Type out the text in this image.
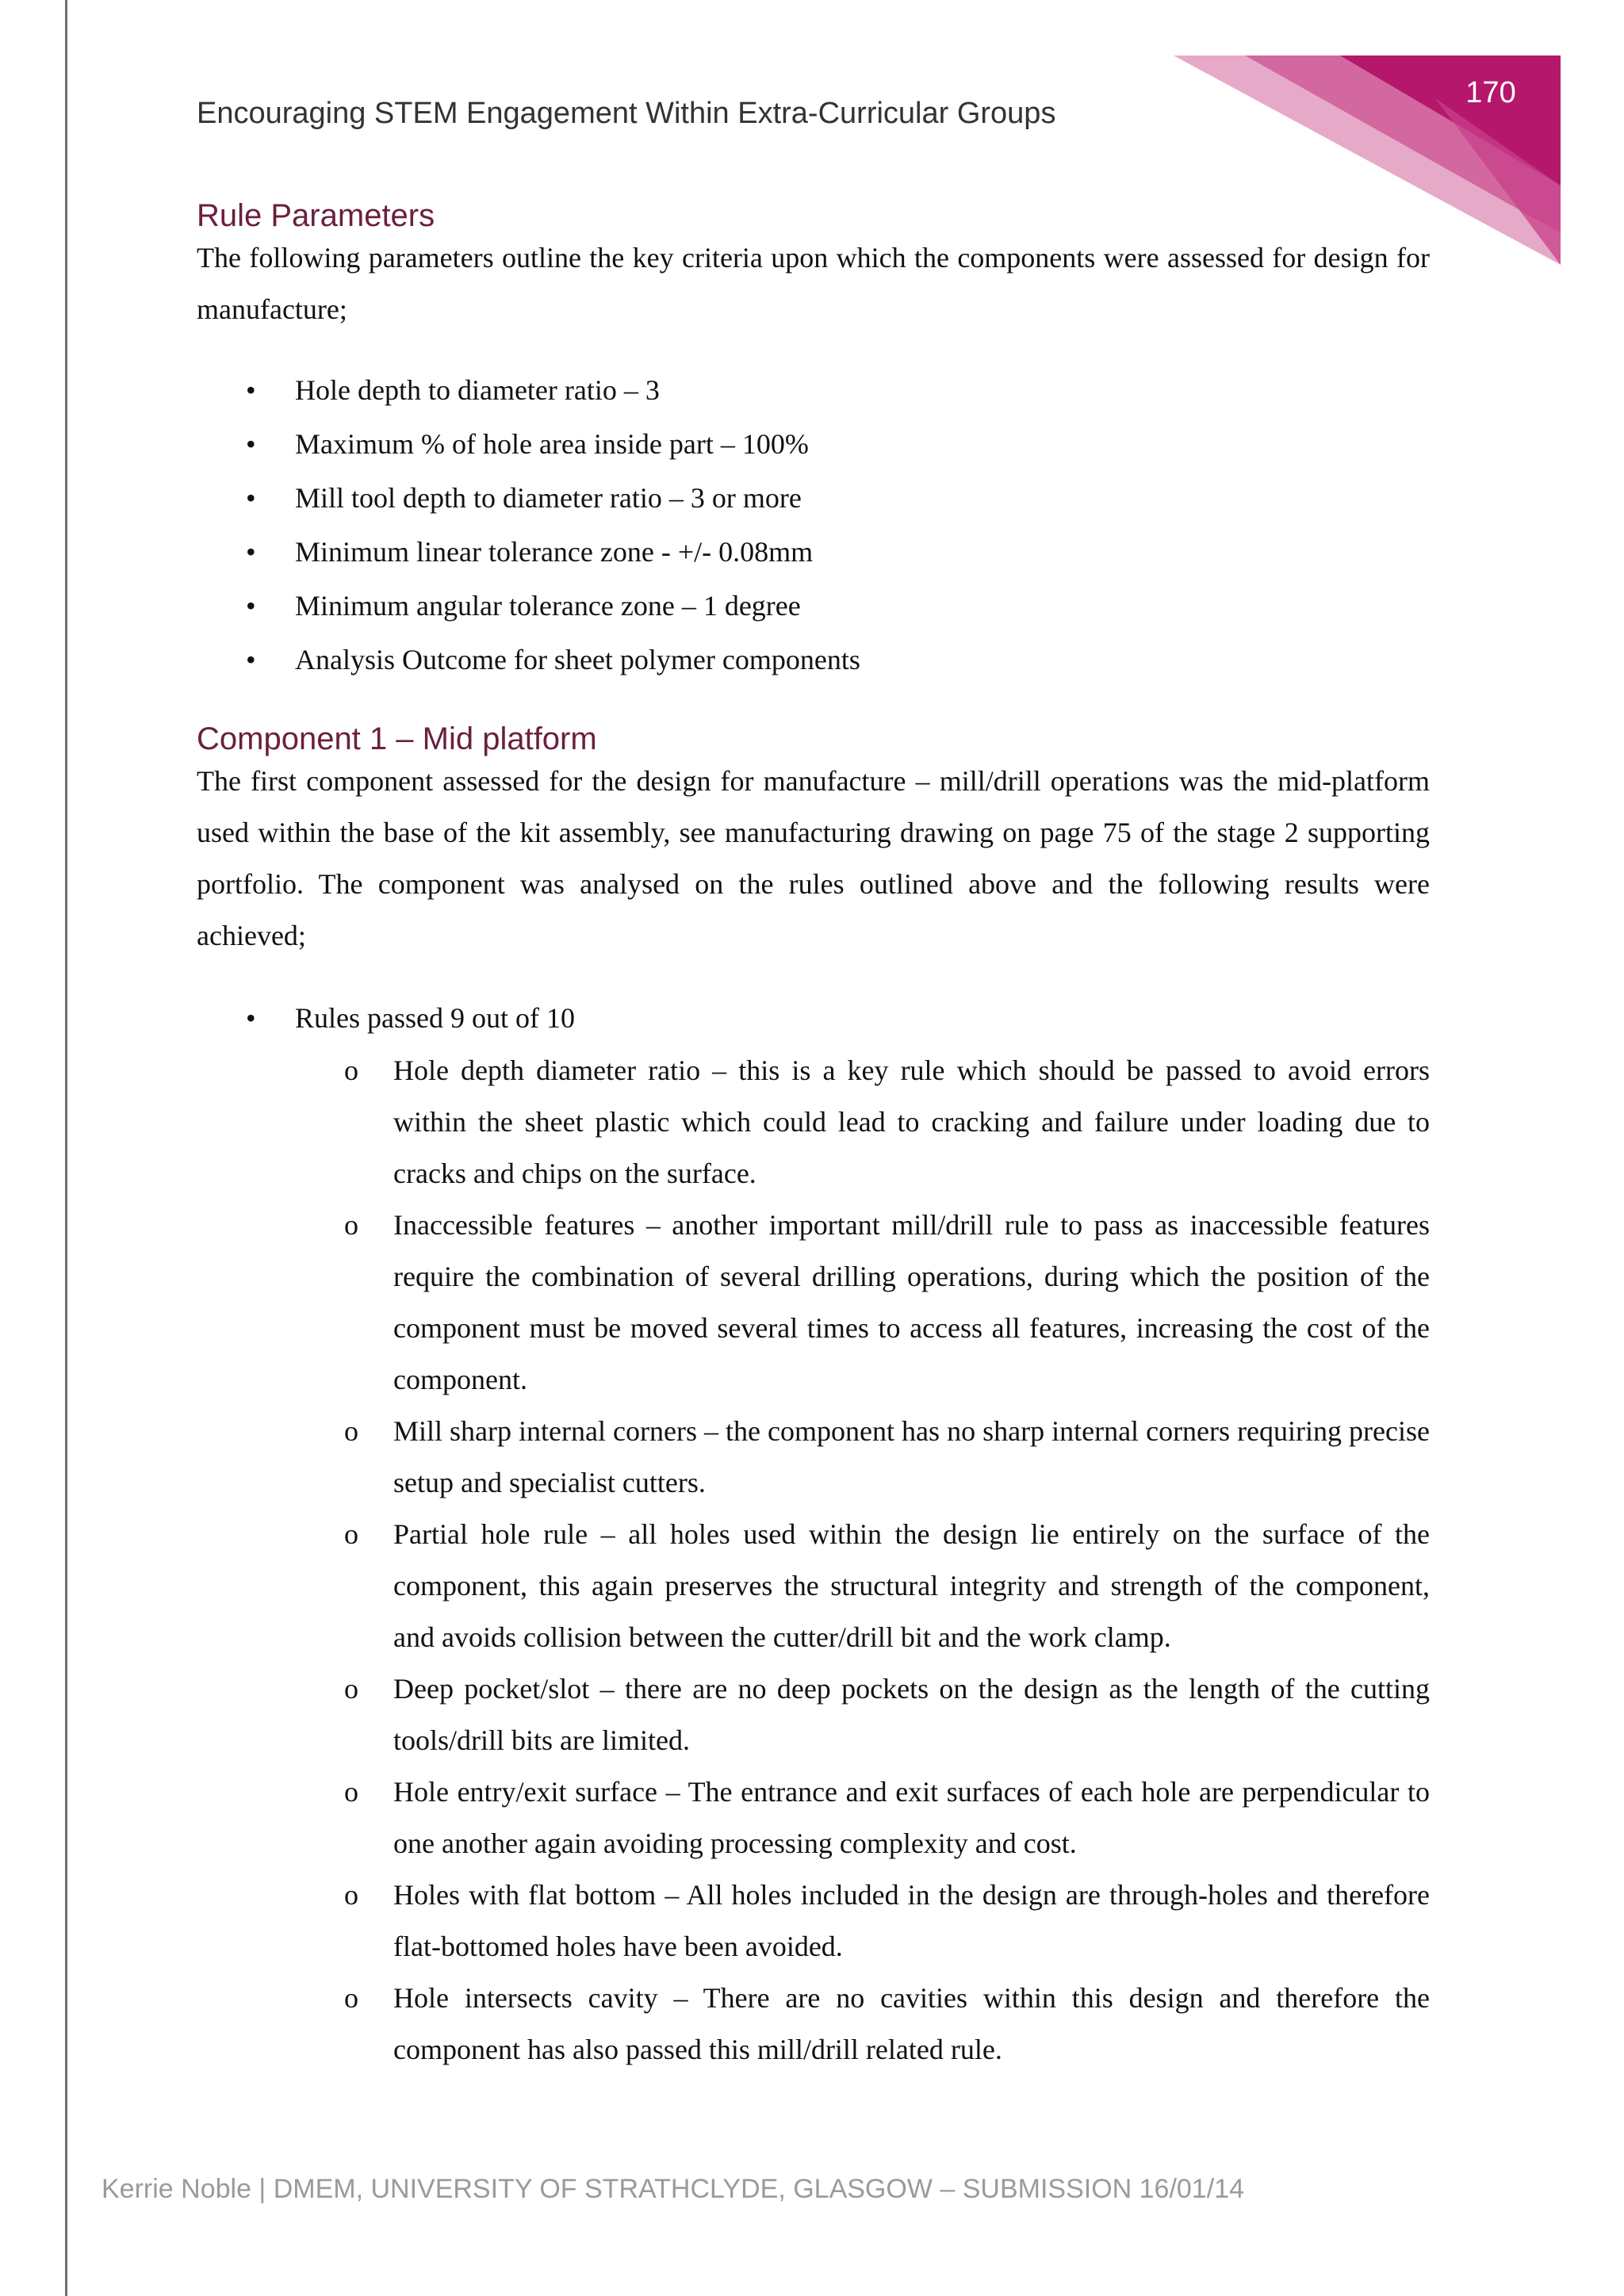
170
Encouraging STEM Engagement Within Extra-Curricular Groups
Rule Parameters

The following parameters outline the key criteria upon which the components were assessed for design for manufacture;

• Hole depth to diameter ratio – 3
• Maximum % of hole area inside part – 100%
• Mill tool depth to diameter ratio – 3 or more
• Minimum linear tolerance zone - +/- 0.08mm
• Minimum angular tolerance zone – 1 degree
• Analysis Outcome for sheet polymer components
Component 1 – Mid platform

The first component assessed for the design for manufacture – mill/drill operations was the mid-platform used within the base of the kit assembly, see manufacturing drawing on page 75 of the stage 2 supporting portfolio. The component was analysed on the rules outlined above and the following results were achieved;

• Rules passed 9 out of 10
o Hole depth diameter ratio – this is a key rule which should be passed to avoid errors within the sheet plastic which could lead to cracking and failure under loading due to cracks and chips on the surface.
o Inaccessible features – another important mill/drill rule to pass as inaccessible features require the combination of several drilling operations, during which the position of the component must be moved several times to access all features, increasing the cost of the component.
o Mill sharp internal corners – the component has no sharp internal corners requiring precise setup and specialist cutters.
o Partial hole rule – all holes used within the design lie entirely on the surface of the component, this again preserves the structural integrity and strength of the component, and avoids collision between the cutter/drill bit and the work clamp.
o Deep pocket/slot – there are no deep pockets on the design as the length of the cutting tools/drill bits are limited.
o Hole entry/exit surface – The entrance and exit surfaces of each hole are perpendicular to one another again avoiding processing complexity and cost.
o Holes with flat bottom – All holes included in the design are through-holes and therefore flat-bottomed holes have been avoided.
o Hole intersects cavity – There are no cavities within this design and therefore the component has also passed this mill/drill related rule.
Kerrie Noble | DMEM, UNIVERSITY OF STRATHCLYDE, GLASGOW – SUBMISSION 16/01/14
